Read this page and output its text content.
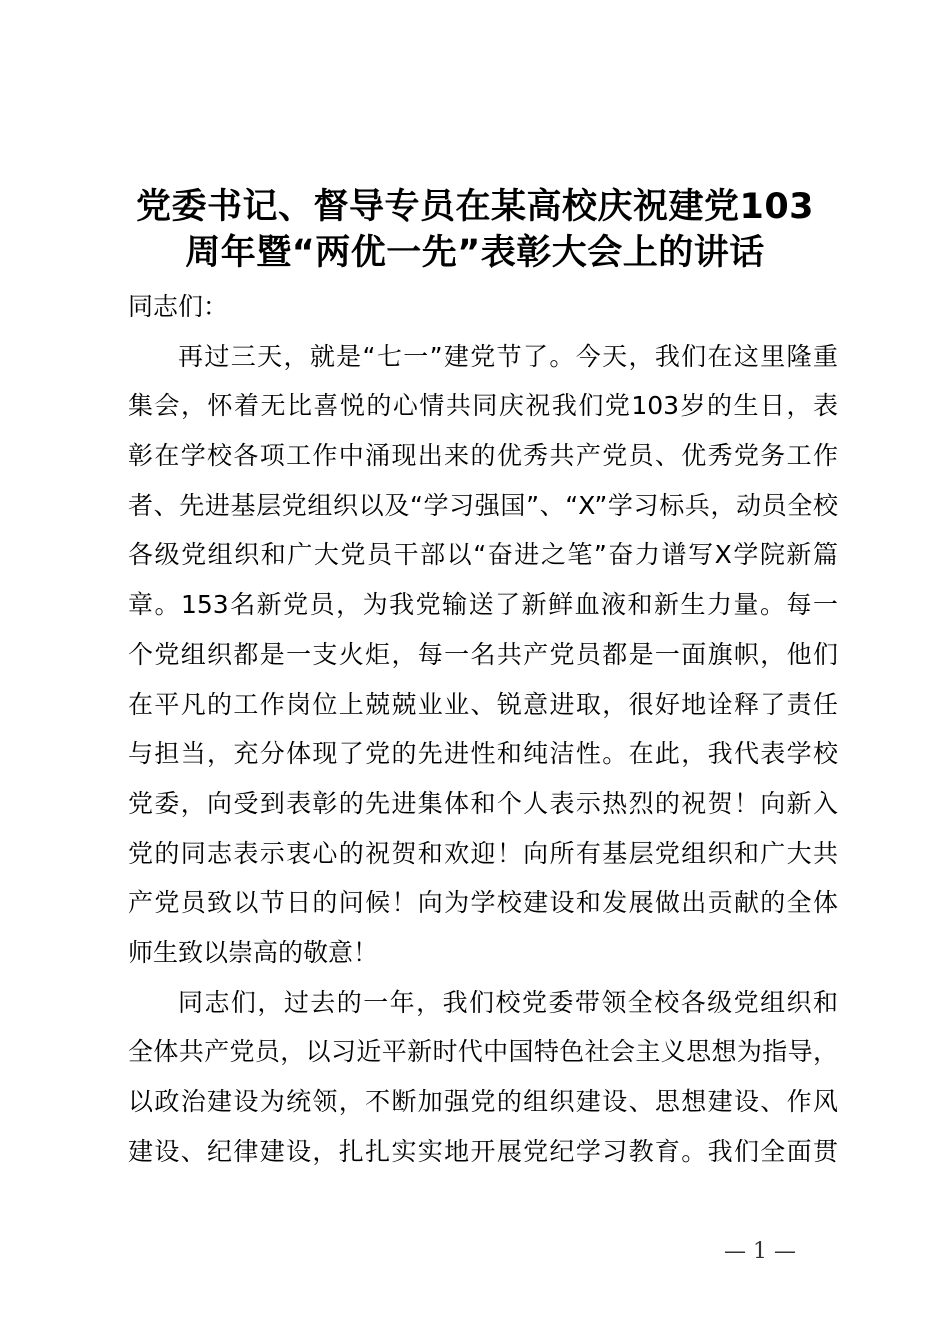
党委书记、督导专员在某高校庆祝建党103
周年暨“两优一先”表彰大会上的讲话
同志们：
再过三天，就是“七一”建党节了。今天，我们在这里隆重
集会，怀着无比喜悦的心情共同庆祝我们党103岁的生日，表
彰在学校各项工作中涌现出来的优秀共产党员、优秀党务工作
者、先进基层党组织以及“学习强国”、“X”学习标兵，动员全校
各级党组织和广大党员干部以“奋进之笔”奋力谱写X学院新篇
章。153名新党员，为我党输送了新鲜血液和新生力量。每一
个党组织都是一支火炬，每一名共产党员都是一面旗帜，他们
在平凡的工作岗位上兢兢业业、锐意进取，很好地诠释了责任
与担当，充分体现了党的先进性和纯洁性。在此，我代表学校
党委，向受到表彰的先进集体和个人表示热烈的祝贺！向新入
党的同志表示衷心的祝贺和欢迎！向所有基层党组织和广大共
产党员致以节日的问候！向为学校建设和发展做出贡献的全体
师生致以崇高的敬意！
同志们，过去的一年，我们校党委带领全校各级党组织和
全体共产党员，以习近平新时代中国特色社会主义思想为指导，
以政治建设为统领，不断加强党的组织建设、思想建设、作风
建设、纪律建设，扎扎实实地开展党纪学习教育。我们全面贯
— 1 —
